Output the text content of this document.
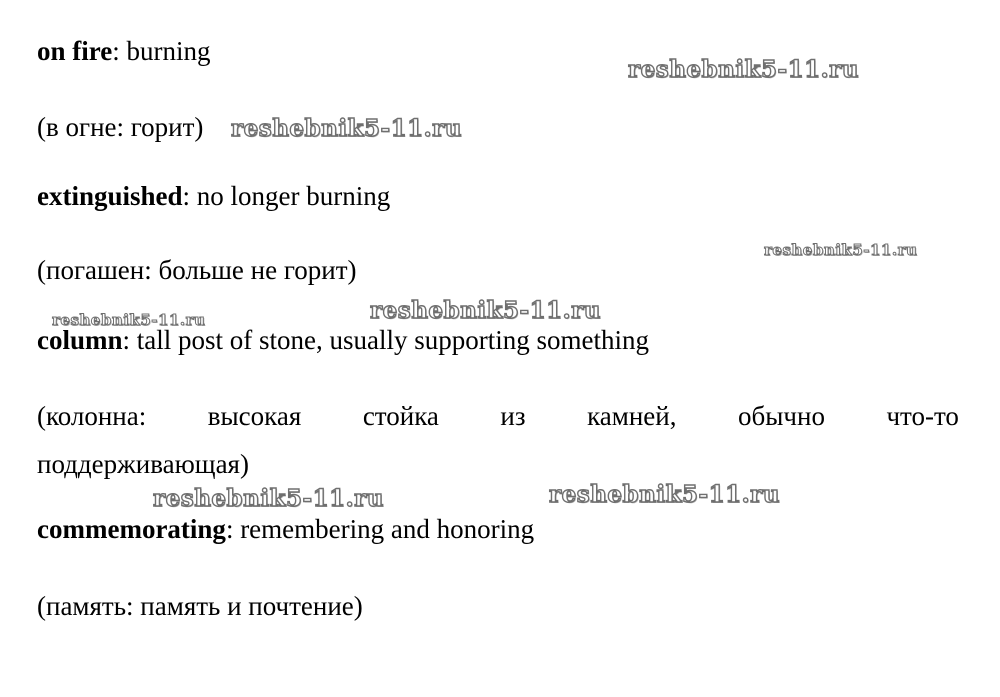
on fire: burning
(в огне: горит)
extinguished: no longer burning
(погашен: больше не горит)
column: tall post of stone, usually supporting something
(колонна: высокая стойка из камней, обычно что-то
поддерживающая)
commemorating: remembering and honoring
(память: память и почтение)
reshebnik5-11.ru
reshebnik5-11.ru
reshebnik5-11.ru
reshebnik5-11.ru	reshebnik5-11.ru
reshebnik5-11.ru	reshebnik5-11.ru
